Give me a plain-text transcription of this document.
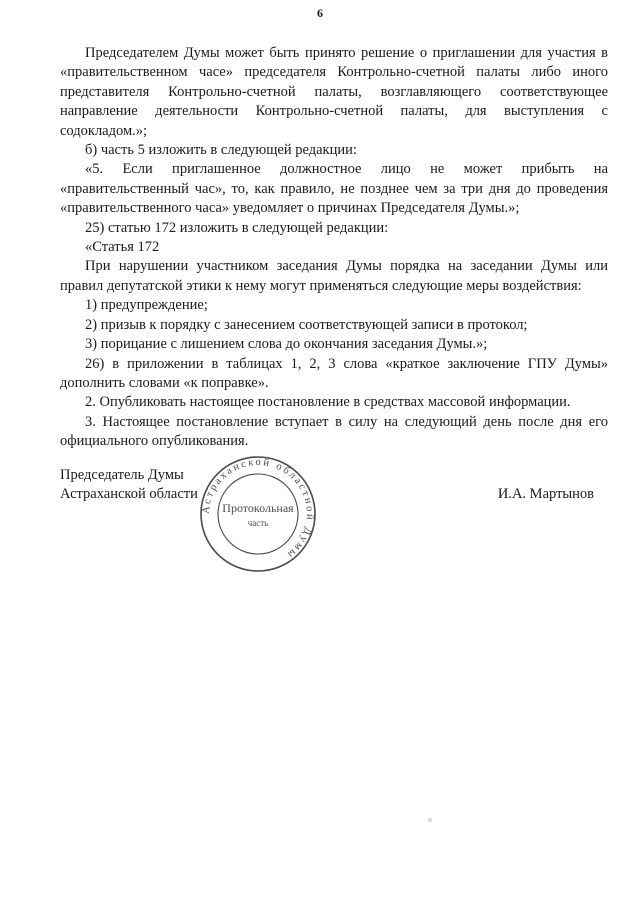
6

Председателем Думы может быть принято решение о приглашении для участия в «правительственном часе» председателя Контрольно-счетной палаты либо иного представителя Контрольно-счетной палаты, возглавляющего соответствующее направление деятельности Контрольно-счетной палаты, для выступления с содокладом.»;

б) часть 5 изложить в следующей редакции:

«5. Если приглашенное должностное лицо не может прибыть на «правительственный час», то, как правило, не позднее чем за три дня до проведения «правительственного часа» уведомляет о причинах Председателя Думы.»;

25) статью 172 изложить в следующей редакции:

«Статья 172

При нарушении участником заседания Думы порядка на заседании Думы или правил депутатской этики к нему могут применяться следующие меры воздействия:

1) предупреждение;

2) призыв к порядку с занесением соответствующей записи в протокол;

3) порицание с лишением слова до окончания заседания Думы.»;

26) в приложении в таблицах 1, 2, 3 слова «краткое заключение ГПУ Думы» дополнить словами «к поправке».

2. Опубликовать настоящее постановление в средствах массовой информации.

3. Настоящее постановление вступает в силу на следующий день после дня его официального опубликования.

Председатель Думы
Астраханской области	И.А. Мартынов
Астраханской областной Думы
Протокольная
часть
